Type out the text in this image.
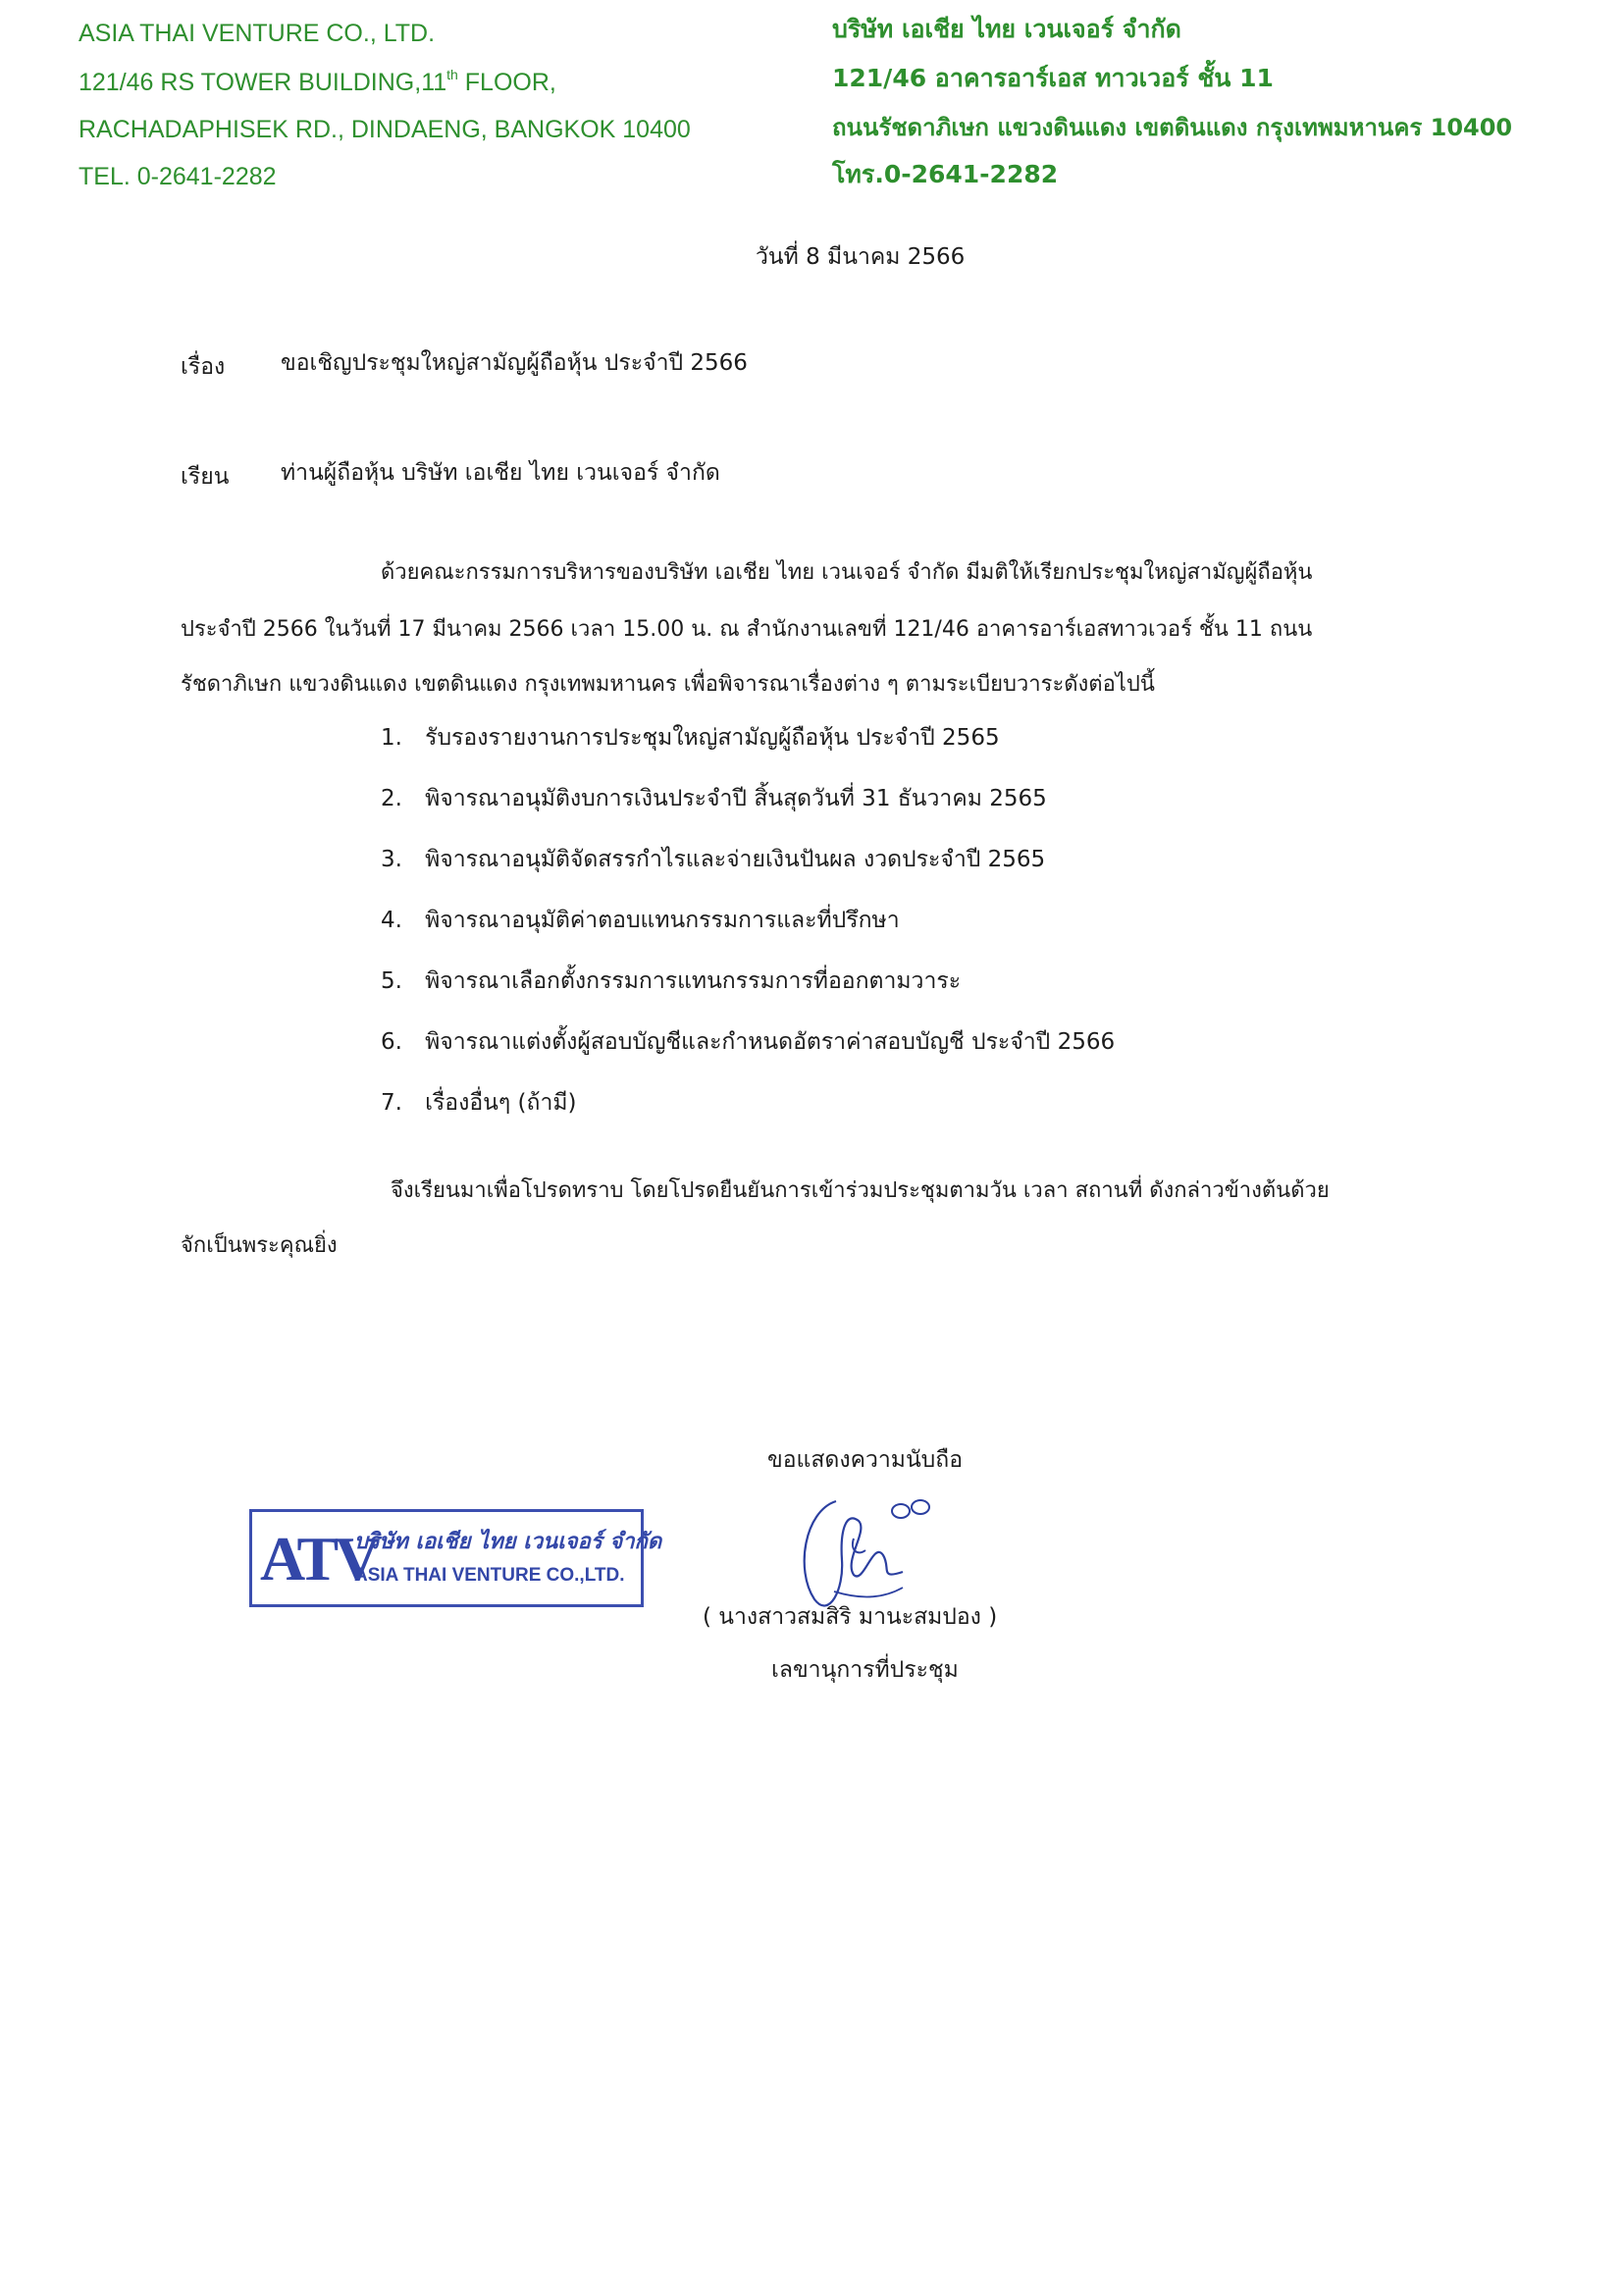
ASIA THAI VENTURE CO., LTD.
121/46 RS TOWER BUILDING,11th FLOOR,
RACHADAPHISEK RD., DINDAENG, BANGKOK 10400
TEL. 0-2641-2282
บริษัท เอเชีย ไทย เวนเจอร์ จำกัด
121/46 อาคารอาร์เอส ทาวเวอร์ ชั้น 11
ถนนรัชดาภิเษก แขวงดินแดง เขตดินแดง กรุงเทพมหานคร 10400
โทร.0-2641-2282
วันที่ 8 มีนาคม 2566
เรื่อง ขอเชิญประชุมใหญ่สามัญผู้ถือหุ้น ประจำปี 2566
เรียน ท่านผู้ถือหุ้น บริษัท เอเชีย ไทย เวนเจอร์ จำกัด
ด้วยคณะกรรมการบริหารของบริษัท เอเชีย ไทย เวนเจอร์ จำกัด มีมติให้เรียกประชุมใหญ่สามัญผู้ถือหุ้น
ประจำปี 2566 ในวันที่ 17 มีนาคม 2566 เวลา 15.00 น. ณ สำนักงานเลขที่ 121/46 อาคารอาร์เอสทาวเวอร์ ชั้น 11 ถนน
รัชดาภิเษก แขวงดินแดง เขตดินแดง กรุงเทพมหานคร เพื่อพิจารณาเรื่องต่าง ๆ ตามระเบียบวาระดังต่อไปนี้
1. รับรองรายงานการประชุมใหญ่สามัญผู้ถือหุ้น ประจำปี 2565
2. พิจารณาอนุมัติงบการเงินประจำปี สิ้นสุดวันที่ 31 ธันวาคม 2565
3. พิจารณาอนุมัติจัดสรรกำไรและจ่ายเงินปันผล งวดประจำปี 2565
4. พิจารณาอนุมัติค่าตอบแทนกรรมการและที่ปรึกษา
5. พิจารณาเลือกตั้งกรรมการแทนกรรมการที่ออกตามวาระ
6. พิจารณาแต่งตั้งผู้สอบบัญชีและกำหนดอัตราค่าสอบบัญชี ประจำปี 2566
7. เรื่องอื่นๆ (ถ้ามี)
จึงเรียนมาเพื่อโปรดทราบ โดยโปรดยืนยันการเข้าร่วมประชุมตามวัน เวลา สถานที่ ดังกล่าวข้างต้นด้วย
จักเป็นพระคุณยิ่ง
ขอแสดงความนับถือ
( นางสาวสมสิริ มานะสมปอง )
เลขานุการที่ประชุม
ATV
บริษัท เอเชีย ไทย เวนเจอร์ จำกัด
ASIA THAI VENTURE CO.,LTD.
